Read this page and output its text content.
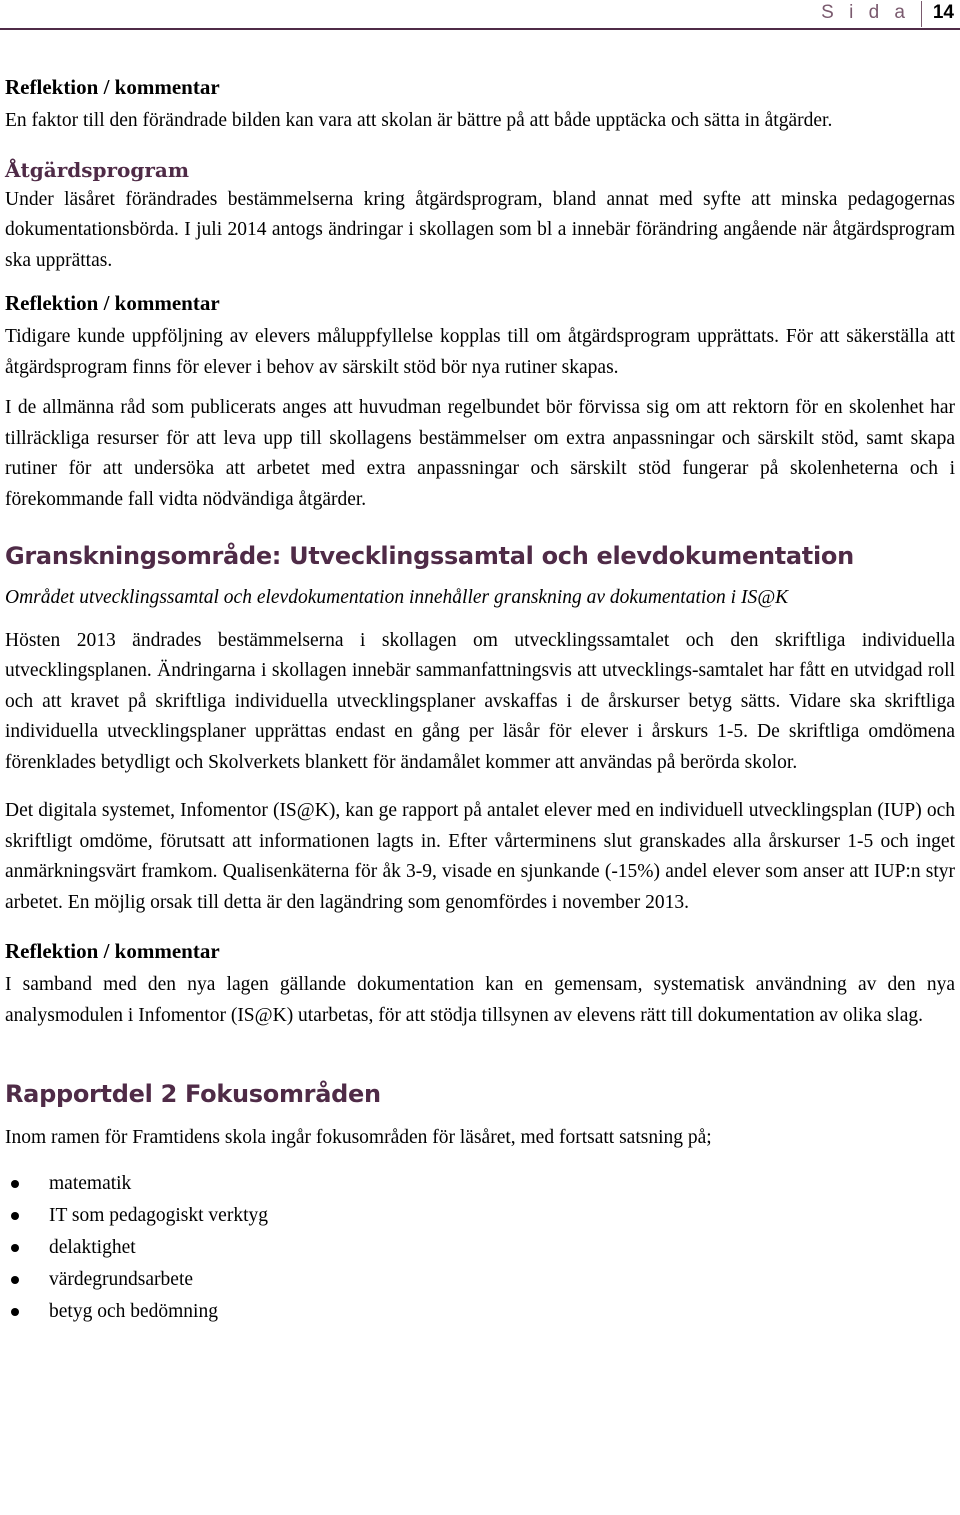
S i d a 14
Reflektion / kommentar

En faktor till den förändrade bilden kan vara att skolan är bättre på att både upptäcka och sätta in åtgärder.

Åtgärdsprogram

Under läsåret förändrades bestämmelserna kring åtgärdsprogram, bland annat med syfte att minska pedagogernas dokumentationsbörda. I juli 2014 antogs ändringar i skollagen som bl a innebär förändring angående när åtgärdsprogram ska upprättas.

Reflektion / kommentar

Tidigare kunde uppföljning av elevers måluppfyllelse kopplas till om åtgärdsprogram upprättats. För att säkerställa att åtgärdsprogram finns för elever i behov av särskilt stöd bör nya rutiner skapas.

I de allmänna råd som publicerats anges att huvudman regelbundet bör förvissa sig om att rektorn för en skolenhet har tillräckliga resurser för att leva upp till skollagens bestämmelser om extra anpassningar och särskilt stöd, samt skapa rutiner för att undersöka att arbetet med extra anpassningar och särskilt stöd fungerar på skolenheterna och i förekommande fall vidta nödvändiga åtgärder.

Granskningsområde: Utvecklingssamtal och elevdokumentation

Området utvecklingssamtal och elevdokumentation innehåller granskning av dokumentation i IS@K

Hösten 2013 ändrades bestämmelserna i skollagen om utvecklingssamtalet och den skriftliga individuella utvecklingsplanen. Ändringarna i skollagen innebär sammanfattningsvis att utvecklings-samtalet har fått en utvidgad roll och att kravet på skriftliga individuella utvecklingsplaner avskaffas i de årskurser betyg sätts. Vidare ska skriftliga individuella utvecklingsplaner upprättas endast en gång per läsår för elever i årskurs 1-5. De skriftliga omdömena förenklades betydligt och Skolverkets blankett för ändamålet kommer att användas på berörda skolor.

Det digitala systemet, Infomentor (IS@K), kan ge rapport på antalet elever med en individuell utvecklingsplan (IUP) och skriftligt omdöme, förutsatt att informationen lagts in. Efter vårterminens slut granskades alla årskurser 1-5 och inget anmärkningsvärt framkom. Qualisenkäterna för åk 3-9, visade en sjunkande (-15%) andel elever som anser att IUP:n styr arbetet. En möjlig orsak till detta är den lagändring som genomfördes i november 2013.

Reflektion / kommentar

I samband med den nya lagen gällande dokumentation kan en gemensam, systematisk användning av den nya analysmodulen i Infomentor (IS@K) utarbetas, för att stödja tillsynen av elevens rätt till dokumentation av olika slag.

Rapportdel 2 Fokusområden

Inom ramen för Framtidens skola ingår fokusområden för läsåret, med fortsatt satsning på;

matematik
IT som pedagogiskt verktyg
delaktighet
värdegrundsarbete
betyg och bedömning
